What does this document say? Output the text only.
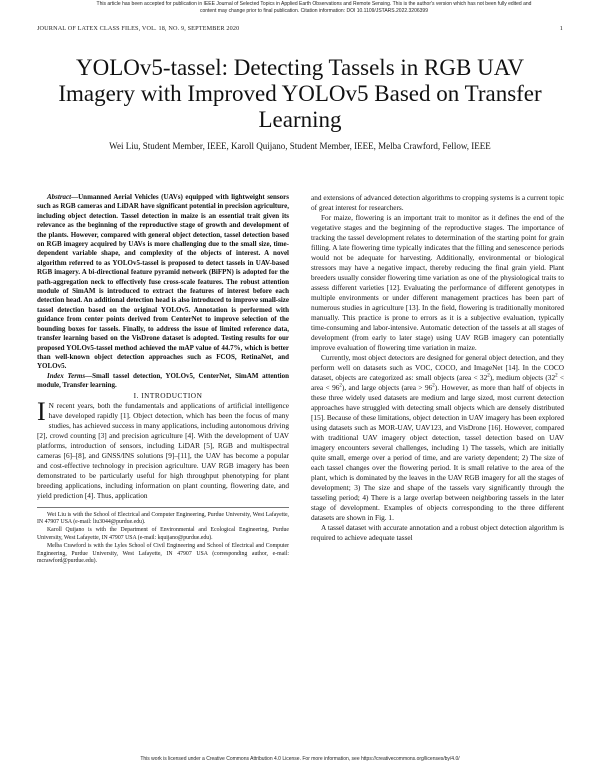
This article has been accepted for publication in IEEE Journal of Selected Topics in Applied Earth Observations and Remote Sensing. This is the author's version which has not been fully edited and
content may change prior to final publication. Citation information: DOI 10.1109/JSTARS.2022.3206399
JOURNAL OF LATEX CLASS FILES, VOL. 18, NO. 9, SEPTEMBER 2020	1
YOLOv5-tassel: Detecting Tassels in RGB UAV Imagery with Improved YOLOv5 Based on Transfer Learning
Wei Liu, Student Member, IEEE, Karoll Quijano, Student Member, IEEE, Melba Crawford, Fellow, IEEE

Abstract—Unmanned Aerial Vehicles (UAVs) equipped with lightweight sensors such as RGB cameras and LiDAR have significant potential in precision agriculture, including object detection. Tassel detection in maize is an essential trait given its relevance as the beginning of the reproductive stage of growth and development of the plants. However, compared with general object detection, tassel detection based on RGB imagery acquired by UAVs is more challenging due to the small size, time-dependent variable shape, and complexity of the objects of interest. A novel algorithm referred to as YOLOv5-tassel is proposed to detect tassels in UAV-based RGB imagery. A bi-directional feature pyramid network (BiFPN) is adopted for the path-aggregation neck to effectively fuse cross-scale features. The robust attention module of SimAM is introduced to extract the features of interest before each detection head. An additional detection head is also introduced to improve small-size tassel detection based on the original YOLOv5. Annotation is performed with guidance from center points derived from CenterNet to improve selection of the bounding boxes for tassels. Finally, to address the issue of limited reference data, transfer learning based on the VisDrone dataset is adopted. Testing results for our proposed YOLOv5-tassel method achieved the mAP value of 44.7%, which is better than well-known object detection approaches such as FCOS, RetinaNet, and YOLOv5.

Index Terms—Small tassel detection, YOLOv5, CenterNet, SimAM attention module, Transfer learning.

I. INTRODUCTION

I N recent years, both the fundamentals and applications of artificial intelligence have developed rapidly [1]. Object detection, which has been the focus of many studies, has achieved success in many applications, including autonomous driving [2], crowd counting [3] and precision agriculture [4]. With the development of UAV platforms, introduction of sensors, including LiDAR [5], RGB and multispectral cameras [6]–[8], and GNSS/INS solutions [9]–[11], the UAV has become a popular and cost-effective technology in precision agriculture. UAV RGB imagery has been demonstrated to be particularly useful for high throughput phenotyping for plant breeding applications, including information on plant counting, flowering date, and yield prediction [4]. Thus, application

Wei Liu is with the School of Electrical and Computer Engineering, Purdue University, West Lafayette, IN 47907 USA (e-mail: liu3044@purdue.edu).

Karoll Quijano is with the Department of Environmental and Ecological Engineering, Purdue University, West Lafayette, IN 47907 USA (e-mail: kquijano@purdue.edu).

Melba Crawford is with the Lyles School of Civil Engineering and School of Electrical and Computer Engineering, Purdue University, West Lafayette, IN 47907 USA (corresponding author, e-mail: mcrawford@purdue.edu).

and extensions of advanced detection algorithms to cropping systems is a current topic of great interest for researchers.

For maize, flowering is an important trait to monitor as it defines the end of the vegetative stages and the beginning of the reproductive stages. The importance of tracking the tassel development relates to determination of the starting point for grain filling. A late flowering time typically indicates that the filling and senescence periods would not be adequate for harvesting. Additionally, environmental or biological stressors may have a negative impact, thereby reducing the final grain yield. Plant breeders usually consider flowering time variation as one of the physiological traits to assess different varieties [12]. Evaluating the performance of different genotypes in multiple environments or under different management practices has been part of numerous studies in agriculture [13]. In the field, flowering is traditionally monitored manually. This practice is prone to errors as it is a subjective evaluation, typically time-consuming and labor-intensive. Automatic detection of the tassels at all stages of development (from early to later stage) using UAV RGB imagery can potentially improve evaluation of flowering time variation in maize.

Currently, most object detectors are designed for general object detection, and they perform well on datasets such as VOC, COCO, and ImageNet [14]. In the COCO dataset, objects are categorized as: small objects (area < $32^2$), medium objects ($32^2$ < area < $96^2$), and large objects (area > $96^2$). However, as more than half of objects in these three widely used datasets are medium and large sized, most current detection approaches have struggled with detecting small objects which are densely distributed [15]. Because of these limitations, object detection in UAV imagery has been explored using datasets such as MOR-UAV, UAV123, and VisDrone [16]. However, compared with traditional UAV imagery object detection, tassel detection based on UAV imagery encounters several challenges, including 1) The tassels, which are initially quite small, emerge over a period of time, and are variety dependent; 2) The size of each tassel changes over the flowering period. It is small relative to the area of the plant, which is dominated by the leaves in the UAV RGB imagery for all the stages of development; 3) The size and shape of the tassels vary significantly through the tasseling period; 4) There is a large overlap between neighboring tassels in the later stage of development. Examples of objects corresponding to the three different datasets are shown in Fig. 1.

A tassel dataset with accurate annotation and a robust object detection algorithm is required to achieve adequate tassel

This work is licensed under a Creative Commons Attribution 4.0 License. For more information, see https://creativecommons.org/licenses/by/4.0/
